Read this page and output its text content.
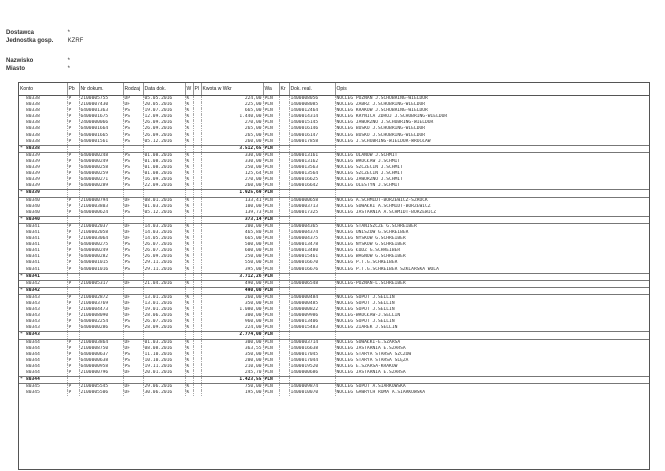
Dostawca	*
Jednostka gosp. KZRF
Nazwisko	*
Miasto	*
Konto	Pb	Nr dokum.	Rodzaj	Data dok.	W	Pl	Kwota w Wkr	Wa	Kr	Dok. real.	Opis
80338	P	2100005755	DP	05.05.2016	K		224,00	PLN		1400008056	NOCLEG POZNAŃ J.SCHUBRING-WIELDUR
80338	P	2100007430	DF	20.05.2016	K		225,00	PLN		1400008085	NOCLEG ZABRZ J.SCHUBRING-WIELDUR
80338	P	6400001363	PS	19.07.2016	K		665,00	PLN		1400012464	NOCLEG KRAKÓW J.SCHUBRING-WIELDUR
80338	P	6400001675	PS	12.09.2016	K		1.440,00	PLN		1400014314	NOCLEG KRYNICA ZDRÓJ J.SCHUBRING-WIELDUR
80338	P	2400000066	PS	26.09.2016	K		270,00	PLN		1400015145	NOCLEG JAWORZNO J.SCHUBRING-WIELDUR
80338	P	6400001664	PS	26.09.2016	K		265,00	PLN		1400016146	NOCLEG BUSKO J.SCHUBRING-WIELDUR
80338	P	6400001665	PS	26.09.2016	K		265,00	PLN		1400016147	NOCLEG BUSKO J.SCHUBRING-WIELDUR
80338	P	6400001561	PS	05.12.2016	K		260,00	PLN		1400017858	NOCLEG J.SCHUBRING-WIELDUR-WROCŁAW
* 80338							3.512,65	PLN			
80339	P	6400000248	PS	01.08.2016	K		330,00	PLN		1400013161	NOCLEG ULANÓW J.SCHMIT
80339	P	6400000249	PS	01.08.2016	K		330,00	PLN		1400013162	NOCLEG WROCŁAW J.SCHMIT
80339	P	6400000258	PS	01.08.2016	K		250,00	PLN		1400013563	NOCLEG SZCZECIN J.SCHMIT
80339	P	6400000259	PS	01.08.2016	K		125,64	PLN		1400013564	NOCLEG SZCZECIN J.SCHMIT
80339	P	6400000271	PS	16.09.2016	K		270,00	PLN		1400016625	NOCLEG JAWORZNO J.SCHMIT
80339	P	6400000289	PS	22.09.2016	K		260,00	PLN		1400016642	NOCLEG OLESTYN J.SCHMIT
* 80339							1.925,69	PLN			
80340	P	2100000794	DF	08.01.2016	K		133,41	PLN		1400000658	NOCLEG A.SCHMIDT-BORZEWICZ-SZROCK
80340	P	2100003803	DF	01.03.2016	K		100,00	PLN		1400003713	NOCLEG SUWAŁKI A.SCHMIDT-BORZEWICZ
80340	P	6400000624	PS	05.12.2016	K		139,73	PLN		1400017325	NOCLEG JASTARNIA A.SCHMIDT-BORZEWICZ
* 80340							373,14	PLN			
80341	P	2100002037	DF	14.03.2016	K		200,00	PLN		1400004365	NOCLEG STANISZCZE G.SCHREIBER
80341	P	2100002058	DF	14.03.2016	K		465,80	PLN		1400004374	NOCLEG UNISZÓW G.SCHREIBER
80341	P	2100003064	DF	14.05.2016	K		665,00	PLN		1400004375	NOCLEG NYSKÓW G.SCHREIBER
80341	P	6400000275	PS	26.07.2016	K		500,00	PLN		1400013478	NOCLEG NYSKÓW G.SCHREIBER
80341	P	6400000249	PS	26.07.2016	K		600,00	PLN		1400013480	NOCLEG ŁÓDŹ G.SCHREIBER
80341	P	6400000282	PS	26.09.2016	K		250,00	PLN		1400015461	NOCLEG WAGNÓW G.SCHREIBER
80341	P	6400001015	PS	29.11.2016	K		550,00	PLN		1400016670	NOCLEG P.T.G.SCHREIBER
80341	P	6400001016	PS	29.11.2016	K		395,00	PLN		1400016676	NOCLEG P.T.G.SCHREIBER SZKLARSKA WOLA
* 80341							3.712,26	PLN			
80342	P	2100005317	DF	21.04.2016	K		490,00	PLN		1400006548	NOCLEG-POZNAŃ-L.SCHREIBER
* 80342							490,00	PLN			
80343	P	2100002872	DF	13.01.2016	K		260,00	PLN		1400000484	NOCLEG SOPOT J.SELLIN
80343	P	2100003769	DF	13.01.2016	K		350,00	PLN		1400000485	NOCLEG SOPOT J.SELLIN
80343	P	2100004473	DF	19.01.2016	K		1.080,00	PLN		1400000822	NOCLEG SOPOT J.SELLIN
80343	P	2100008090	DF	28.06.2016	K		300,00	PLN		1400009986	NOCLEG-WROCŁAW-J.SELLIN
80343	P	6400002254	PS	26.07.2016	K		960,00	PLN		1400013406	NOCLEG SOPOT J.SELLIN
80343	P	6400000286	PS	28.09.2016	K		224,00	PLN		1400015483	NOCLEG ZIAREK J.SELLIN
* 80343							2.774,00	PLN			
80344	P	2100003864	DF	01.03.2016	K		300,00	PLN		1400003714	NOCLEG SUWAŁKI-E.SZARSA
80344	P	2100008750	DF	08.08.2016	K		363,55	PLN		1400016638	NOCLEG JASTARNIA E.SZARSA
80344	P	6400000637	PS	11.10.2016	K		350,00	PLN		1400017045	NOCLEG STARYA STARSA SZCZÓW
80344	P	6400000638	PS	10.10.2016	K		200,00	PLN		1400017044	NOCLEG STARYA STARSA ŚLĘZA
80344	P	6400000958	PS	19.11.2016	K		210,00	PLN		1400019520	NOCLEG E.SZARSA-KRAKÓW
80344	P	2100000796	DF	20.01.2016	K		245,70	PLN		1400000686	NOCLEG JASTARNIA E.SZARSA
* 80344							1.423,55	PLN			
80345	P	2100005545	DF	29.06.2016	K		750,00	PLN		1400009874	NOCLEG SOPOT A.SIARKOWSKA
80345	P	2100005506	DF	30.06.2016	K		195,00	PLN		1400010070	NOCLEG GAWRYCH ROMA A.SIARKOWSKA
